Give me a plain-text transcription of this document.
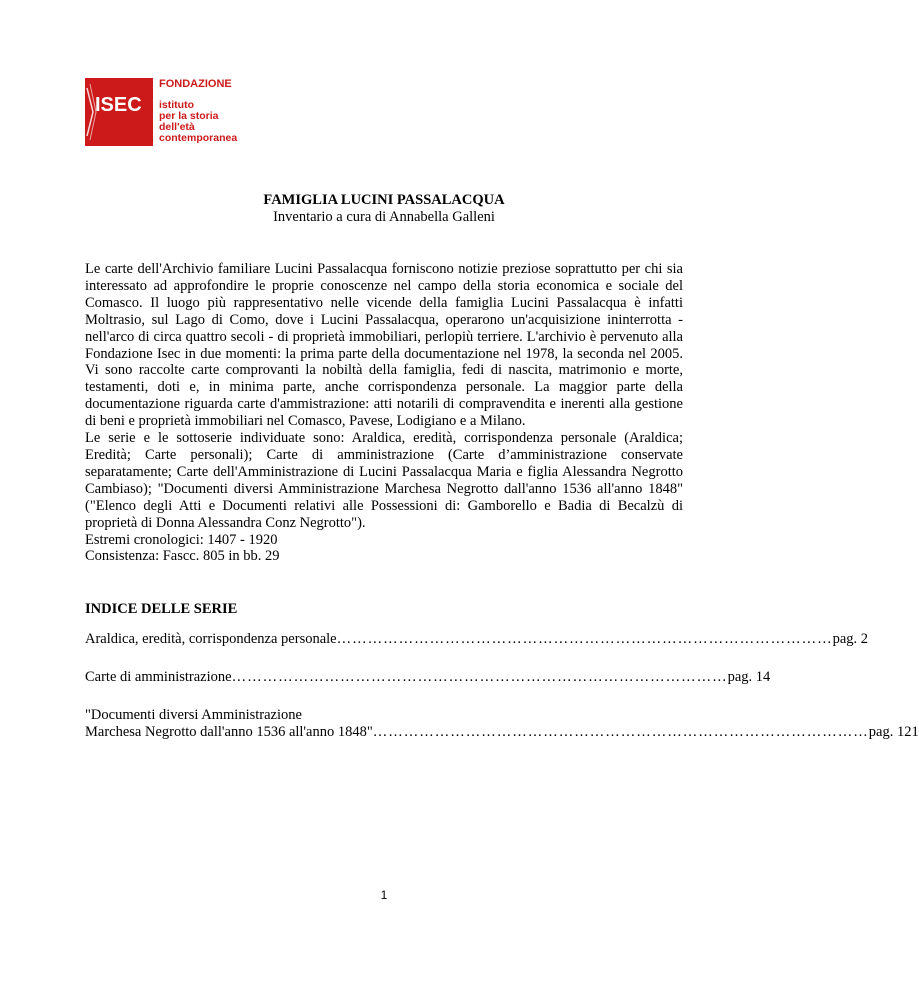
ISEC
FONDAZIONE
istituto
per la storia
dell'età
contemporanea
FAMIGLIA LUCINI PASSALACQUA
Inventario a cura di Annabella Galleni

Le carte dell'Archivio familiare Lucini Passalacqua forniscono notizie preziose soprattutto per chi sia interessato ad approfondire le proprie conoscenze nel campo della storia economica e sociale del Comasco. Il luogo più rappresentativo nelle vicende della famiglia Lucini Passalacqua è infatti Moltrasio, sul Lago di Como, dove i Lucini Passalacqua, operarono un'acquisizione ininterrotta - nell'arco di circa quattro secoli - di proprietà immobiliari, perlopiù terriere. L'archivio è pervenuto alla Fondazione Isec in due momenti: la prima parte della documentazione nel 1978, la seconda nel 2005. Vi sono raccolte carte comprovanti la nobiltà della famiglia, fedi di nascita, matrimonio e morte, testamenti, doti e, in minima parte, anche corrispondenza personale. La maggior parte della documentazione riguarda carte d'ammistrazione: atti notarili di compravendita e inerenti alla gestione di beni e proprietà immobiliari nel Comasco, Pavese, Lodigiano e a Milano.

Le serie e le sottoserie individuate sono: Araldica, eredità, corrispondenza personale (Araldica; Eredità; Carte personali); Carte di amministrazione (Carte d’amministrazione conservate separatamente; Carte dell'Amministrazione di Lucini Passalacqua Maria e figlia Alessandra Negrotto Cambiaso); "Documenti diversi Amministrazione Marchesa Negrotto dall'anno 1536 all'anno 1848" ("Elenco degli Atti e Documenti relativi alle Possessioni di: Gamborello e Badia di Becalzù di proprietà di Donna Alessandra Conz Negrotto").

Estremi cronologici: 1407 - 1920

Consistenza: Fascc. 805 in bb. 29

INDICE DELLE SERIE
Araldica, eredità, corrispondenza personale …………………………………………………………………………………… pag. 2
Carte di amministrazione …………………………………………………………………………………… pag. 14
"Documenti diversi Amministrazione
Marchesa Negrotto dall'anno 1536 all'anno 1848" …………………………………………………………………………………… pag. 121
1
